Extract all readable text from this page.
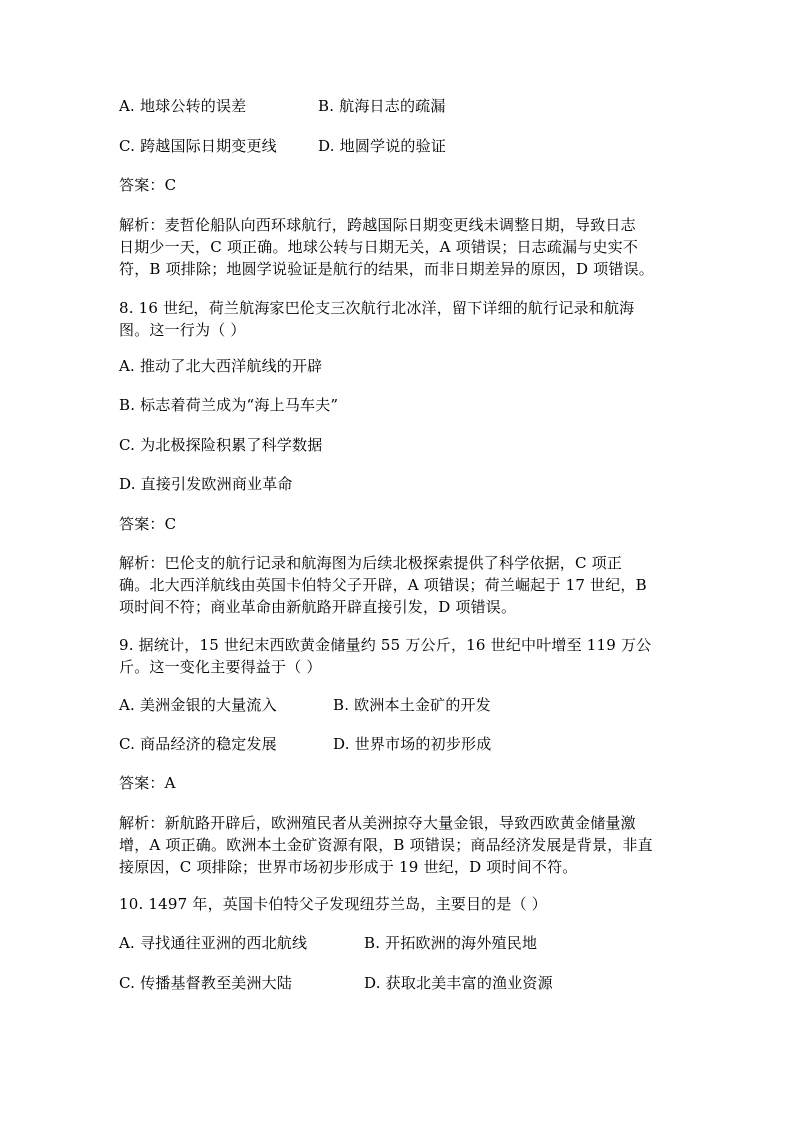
A. 地球公转的误差	B. 航海日志的疏漏
C. 跨越国际日期变更线	D. 地圆学说的验证
答案：C
解析：麦哲伦船队向西环球航行，跨越国际日期变更线未调整日期，导致日志
日期少一天，C 项正确。地球公转与日期无关，A 项错误；日志疏漏与史实不
符，B 项排除；地圆学说验证是航行的结果，而非日期差异的原因，D 项错误。
8. 16 世纪，荷兰航海家巴伦支三次航行北冰洋，留下详细的航行记录和航海
图。这一行为（ ）
A. 推动了北大西洋航线的开辟
B. 标志着荷兰成为“海上马车夫”
C. 为北极探险积累了科学数据
D. 直接引发欧洲商业革命
答案：C
解析：巴伦支的航行记录和航海图为后续北极探索提供了科学依据，C 项正
确。北大西洋航线由英国卡伯特父子开辟，A 项错误；荷兰崛起于 17 世纪，B
项时间不符；商业革命由新航路开辟直接引发，D 项错误。
9. 据统计，15 世纪末西欧黄金储量约 55 万公斤，16 世纪中叶增至 119 万公
斤。这一变化主要得益于（ ）
A. 美洲金银的大量流入	B. 欧洲本土金矿的开发
C. 商品经济的稳定发展	D. 世界市场的初步形成
答案：A
解析：新航路开辟后，欧洲殖民者从美洲掠夺大量金银，导致西欧黄金储量激
增，A 项正确。欧洲本土金矿资源有限，B 项错误；商品经济发展是背景，非直
接原因，C 项排除；世界市场初步形成于 19 世纪，D 项时间不符。
10. 1497 年，英国卡伯特父子发现纽芬兰岛，主要目的是（ ）
A. 寻找通往亚洲的西北航线	B. 开拓欧洲的海外殖民地
C. 传播基督教至美洲大陆	D. 获取北美丰富的渔业资源
